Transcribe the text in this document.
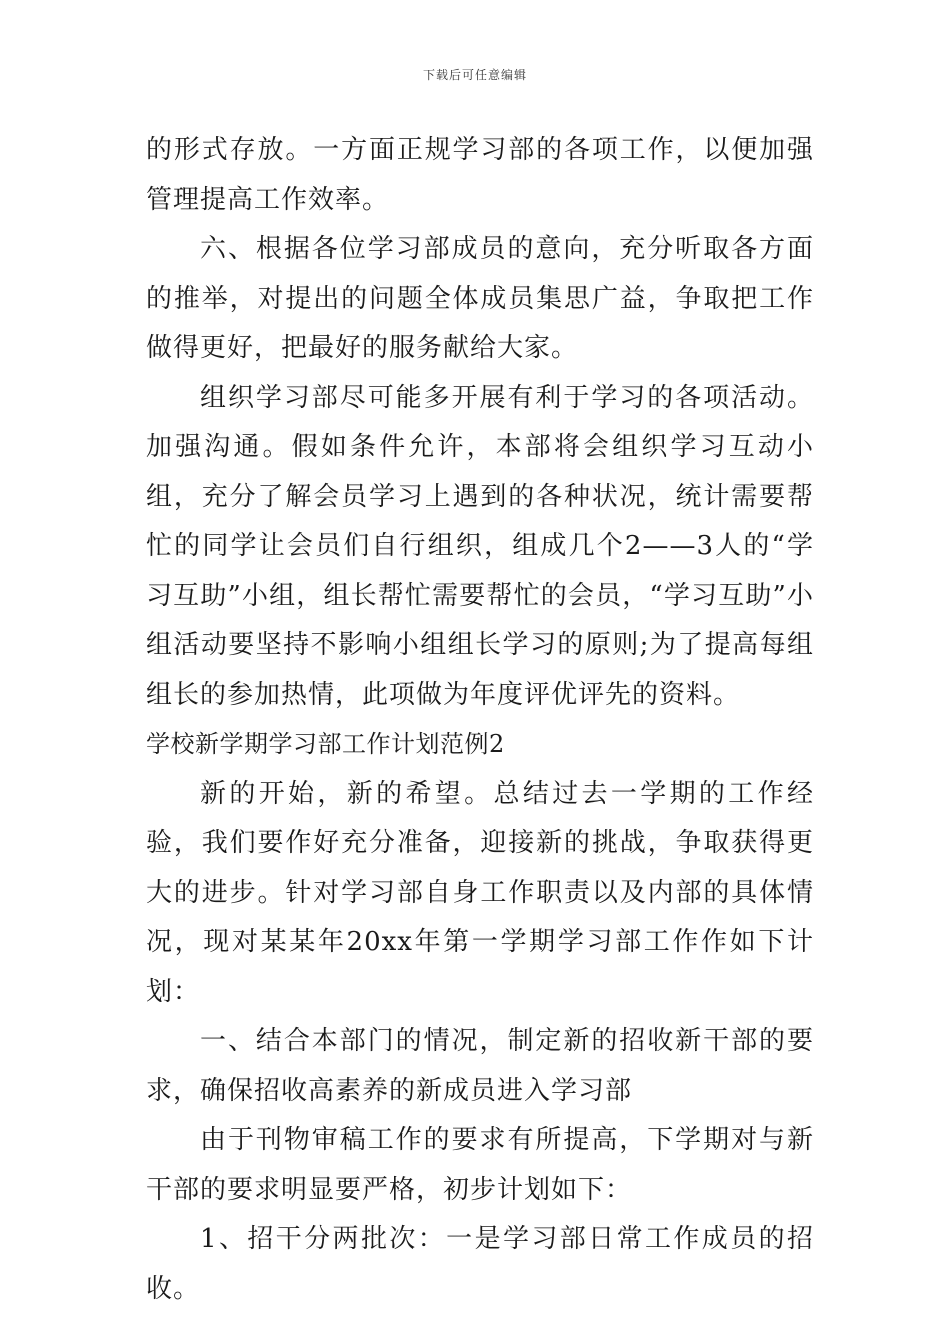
下载后可任意编辑

的形式存放。一方面正规学习部的各项工作，以便加强管理提高工作效率。

六、根据各位学习部成员的意向，充分听取各方面的推举，对提出的问题全体成员集思广益，争取把工作做得更好，把最好的服务献给大家。

组织学习部尽可能多开展有利于学习的各项活动。加强沟通。假如条件允许，本部将会组织学习互动小组，充分了解会员学习上遇到的各种状况，统计需要帮忙的同学让会员们自行组织，组成几个2——3人的“学习互助”小组，组长帮忙需要帮忙的会员，“学习互助”小组活动要坚持不影响小组组长学习的原则;为了提高每组组长的参加热情，此项做为年度评优评先的资料。

学校新学期学习部工作计划范例2

新的开始，新的希望。总结过去一学期的工作经验，我们要作好充分准备，迎接新的挑战，争取获得更大的进步。针对学习部自身工作职责以及内部的具体情况，现对某某年20xx年第一学期学习部工作作如下计划：

一、结合本部门的情况，制定新的招收新干部的要求，确保招收高素养的新成员进入学习部

由于刊物审稿工作的要求有所提高，下学期对与新干部的要求明显要严格，初步计划如下：

1、招干分两批次：一是学习部日常工作成员的招收。
